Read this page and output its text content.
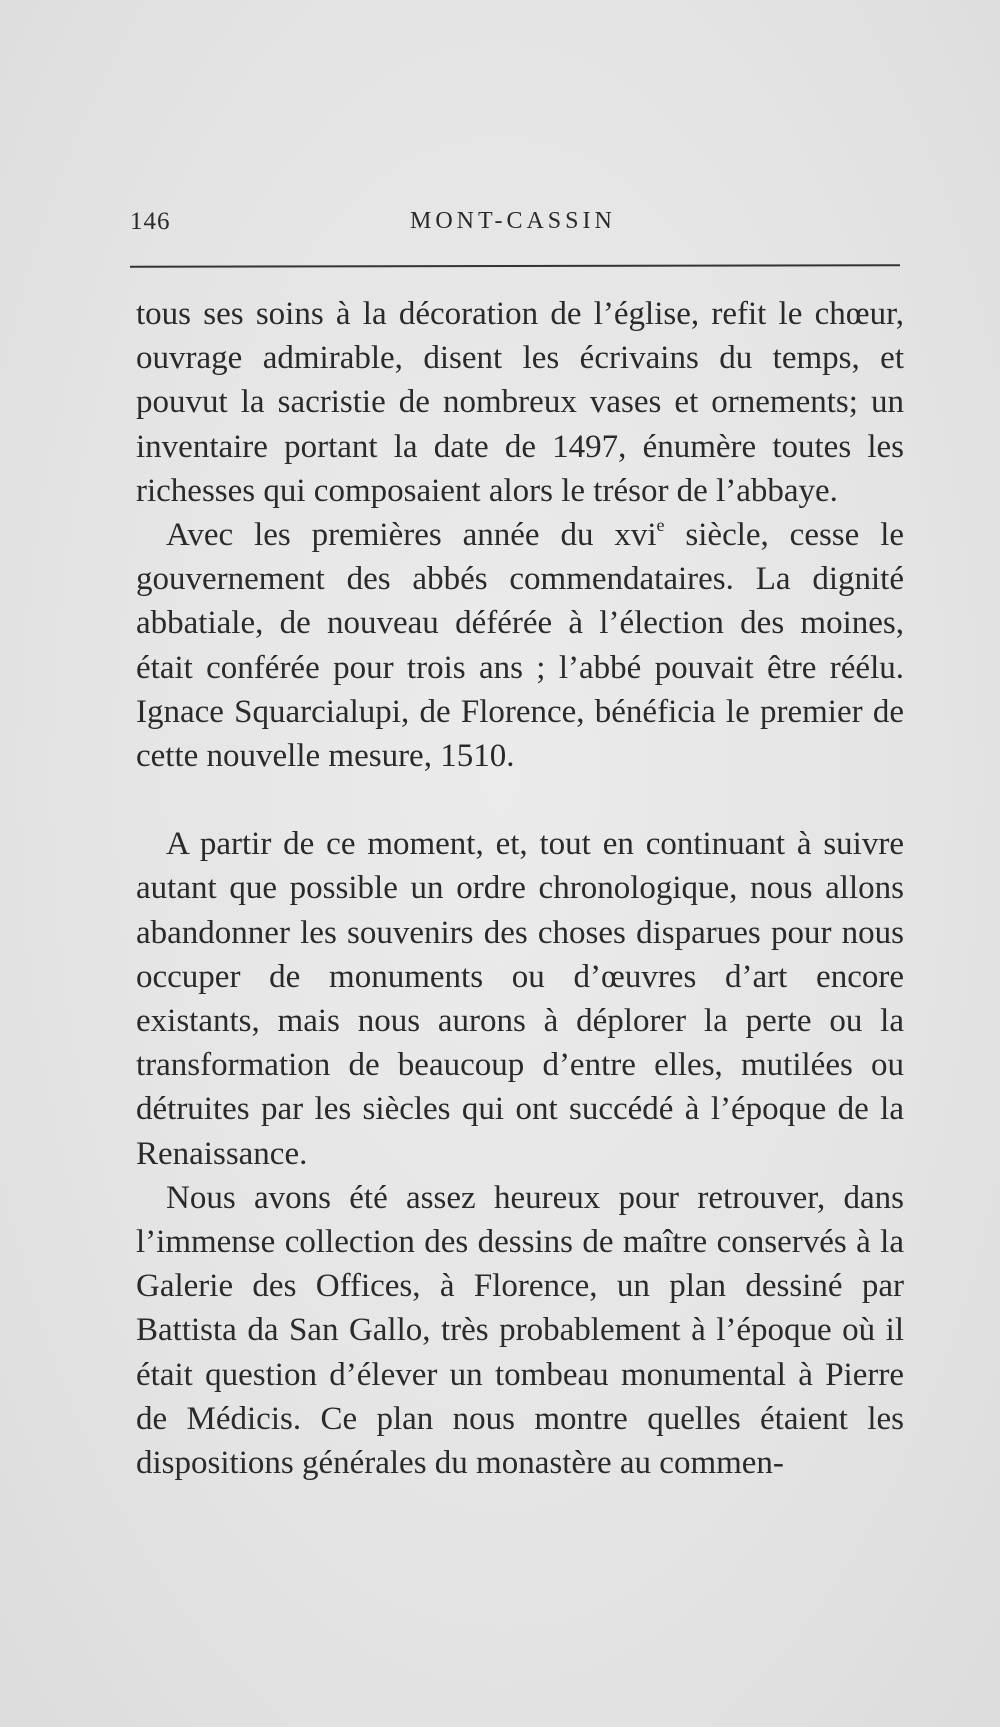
146	MONT-CASSIN

tous ses soins à la décoration de l’église, refit le chœur, ouvrage admirable, disent les écrivains du temps, et pouvut la sacristie de nombreux vases et ornements; un inventaire portant la date de 1497, énumère toutes les richesses qui composaient alors le trésor de l’abbaye.

Avec les premières année du xvi$^e$ siècle, cesse le gouvernement des abbés commendataires. La dignité abbatiale, de nouveau déférée à l’élection des moines, était conférée pour trois ans ; l’abbé pouvait être réélu. Ignace Squarcialupi, de Florence, bénéficia le premier de cette nouvelle mesure, 1510.

A partir de ce moment, et, tout en continuant à suivre autant que possible un ordre chronologique, nous allons abandonner les souvenirs des choses disparues pour nous occuper de monuments ou d’œuvres d’art encore existants, mais nous aurons à déplorer la perte ou la transformation de beaucoup d’entre elles, mutilées ou détruites par les siècles qui ont succédé à l’époque de la Renaissance.

Nous avons été assez heureux pour retrouver, dans l’immense collection des dessins de maître conservés à la Galerie des Offices, à Florence, un plan dessiné par Battista da San Gallo, très probablement à l’époque où il était question d’élever un tombeau monumental à Pierre de Médicis. Ce plan nous montre quelles étaient les dispositions générales du monastère au commen-
